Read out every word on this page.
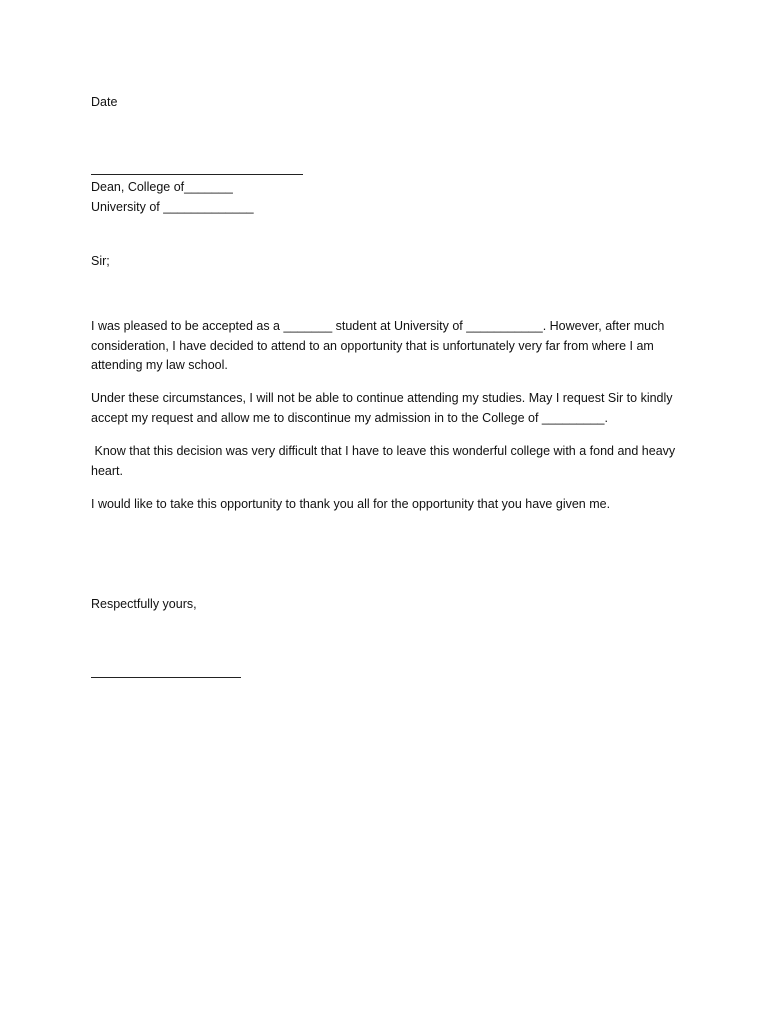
Date

Dean, College of_______

University of _____________

Sir;

I was pleased to be accepted as a _______ student at University of ___________. However, after much consideration, I have decided to attend to an opportunity that is unfortunately very far from where I am attending my law school.

Under these circumstances, I will not be able to continue attending my studies. May I request Sir to kindly accept my request and allow me to discontinue my admission in to the College of _________.

Know that this decision was very difficult that I have to leave this wonderful college with a fond and heavy heart.

I would like to take this opportunity to thank you all for the opportunity that you have given me.

Respectfully yours,
